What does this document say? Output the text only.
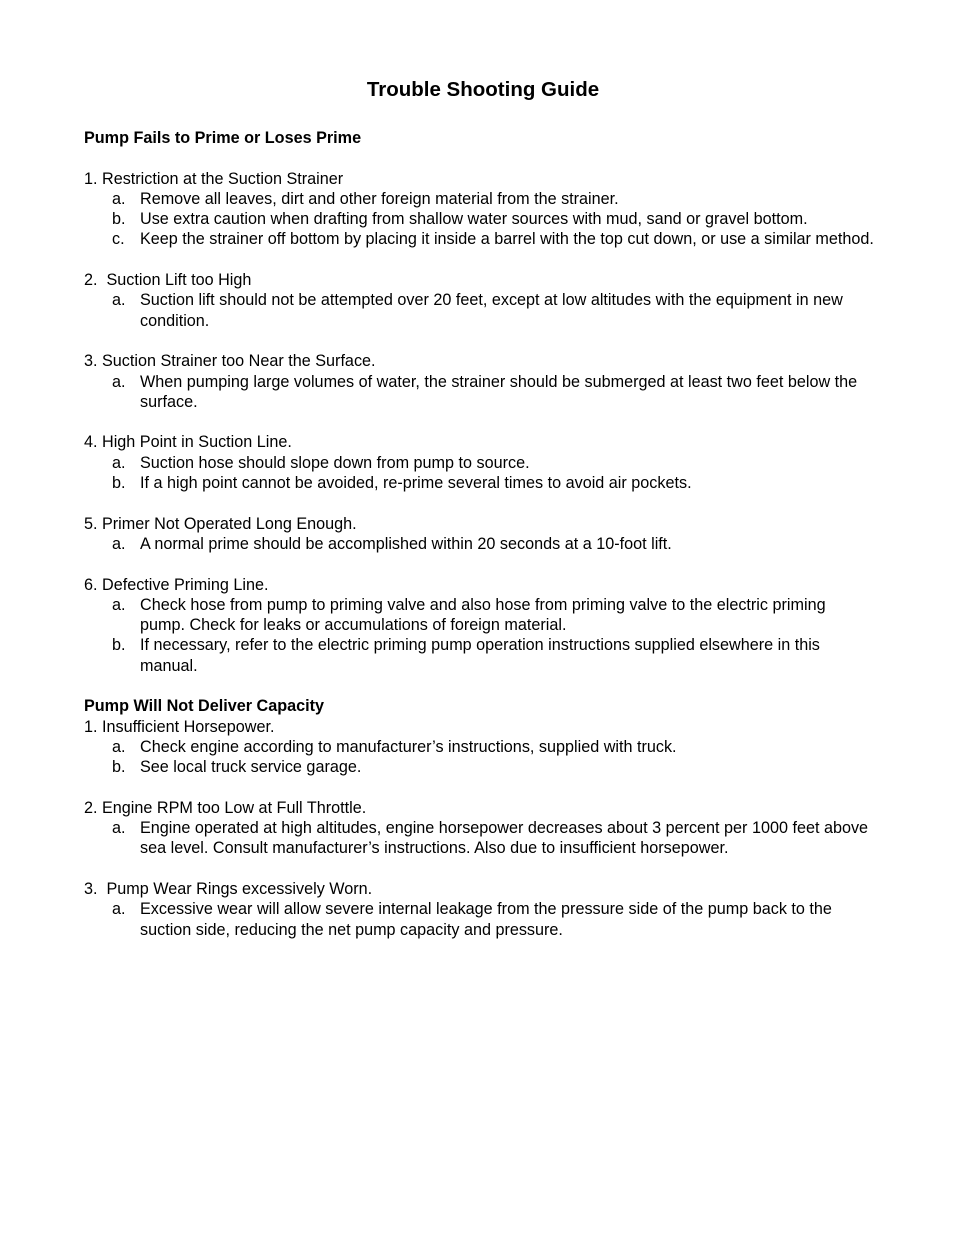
Trouble Shooting Guide
Pump Fails to Prime or Loses Prime
1. Restriction at the Suction Strainer
a. Remove all leaves, dirt and other foreign material from the strainer.
b. Use extra caution when drafting from shallow water sources with mud, sand or gravel bottom.
c. Keep the strainer off bottom by placing it inside a barrel with the top cut down, or use a similar method.
2.  Suction Lift too High
a. Suction lift should not be attempted over 20 feet, except at low altitudes with the equipment in new condition.
3. Suction Strainer too Near the Surface.
a. When pumping large volumes of water, the strainer should be submerged at least two feet below the surface.
4. High Point in Suction Line.
a. Suction hose should slope down from pump to source.
b. If a high point cannot be avoided, re-prime several times to avoid air pockets.
5. Primer Not Operated Long Enough.
a. A normal prime should be accomplished within 20 seconds at a 10-foot lift.
6. Defective Priming Line.
a. Check hose from pump to priming valve and also hose from priming valve to the electric priming pump. Check for leaks or accumulations of foreign material.
b. If necessary, refer to the electric priming pump operation instructions supplied elsewhere in this manual.
Pump Will Not Deliver Capacity
1. Insufficient Horsepower.
a. Check engine according to manufacturer’s instructions, supplied with truck.
b. See local truck service garage.
2. Engine RPM too Low at Full Throttle.
a. Engine operated at high altitudes, engine horsepower decreases about 3 percent per 1000 feet above sea level. Consult manufacturer’s instructions. Also due to insufficient horsepower.
3.  Pump Wear Rings excessively Worn.
a. Excessive wear will allow severe internal leakage from the pressure side of the pump back to the suction side, reducing the net pump capacity and pressure.
